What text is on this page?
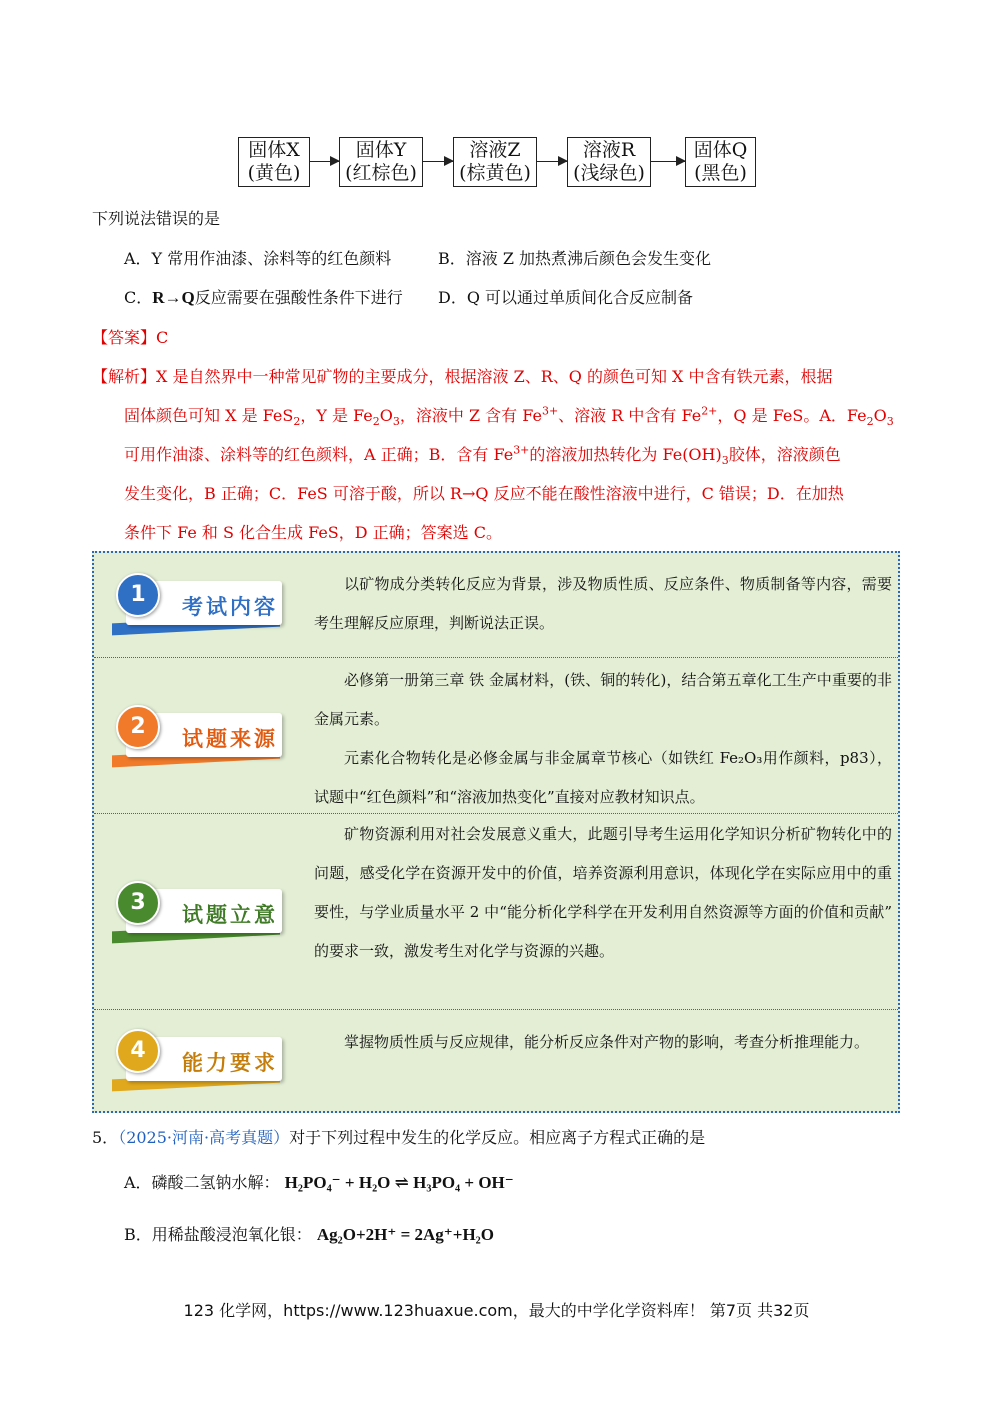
固体X
(黄色)
固体Y
(红棕色)
溶液Z
(棕黄色)
溶液R
(浅绿色)
固体Q
(黑色)
下列说法错误的是
A．Y 常用作油漆、涂料等的红色颜料	B．溶液 Z 加热煮沸后颜色会发生变化
C．R→Q反应需要在强酸性条件下进行 D．Q 可以通过单质间化合反应制备
【答案】C
【解析】X 是自然界中一种常见矿物的主要成分，根据溶液 Z、R、Q 的颜色可知 X 中含有铁元素，根据
固体颜色可知 X 是 FeS$_2$，Y 是 $Fe_2O_3$，溶液中 Z 含有 $Fe^{3+}$、溶液 R 中含有 $Fe^{2+}$，Q 是 FeS。A．$Fe_2O_3$
可用作油漆、涂料等的红色颜料，A 正确；B．含有 $Fe^{3+}$的溶液加热转化为 $Fe(OH)_3$胶体，溶液颜色
发生变化，B 正确；C．FeS 可溶于酸，所以 R→Q 反应不能在酸性溶液中进行，C 错误；D．在加热
条件下 Fe 和 S 化合生成 FeS，D 正确；答案选 C。
考试内容
1	以矿物成分类转化反应为背景，涉及物质性质、反应条件、物质制备等内容，需要考生理解反应原理，判断说法正误。
试题来源
2
必修第一册第三章 铁 金属材料，(铁、铜的转化)，结合第五章化工生产中重要的非金属元素。
元素化合物转化是必修金属与非金属章节核心（如铁红 Fe₂O₃用作颜料，p83），试题中“红色颜料”和“溶液加热变化”直接对应教材知识点。
试题立意
3
矿物资源利用对社会发展意义重大，此题引导考生运用化学知识分析矿物转化中的问题，感受化学在资源开发中的价值，培养资源利用意识，体现化学在实际应用中的重要性，与学业质量水平 2 中“能分析化学科学在开发利用自然资源等方面的价值和贡献” 的要求一致，激发考生对化学与资源的兴趣。
能力要求
4	掌握物质性质与反应规律，能分析反应条件对产物的影响，考查分析推理能力。
5．（2025·河南·高考真题）对于下列过程中发生的化学反应。相应离子方程式正确的是
A．磷酸二氢钠水解： H₂PO₄⁻ + H₂O ⇌ H₃PO₄ + OH⁻
B．用稀盐酸浸泡氧化银： Ag₂O+2H⁺ = 2Ag⁺+H₂O
123 化学网，https://www.123huaxue.com，最大的中学化学资料库！ 第7页 共32页
